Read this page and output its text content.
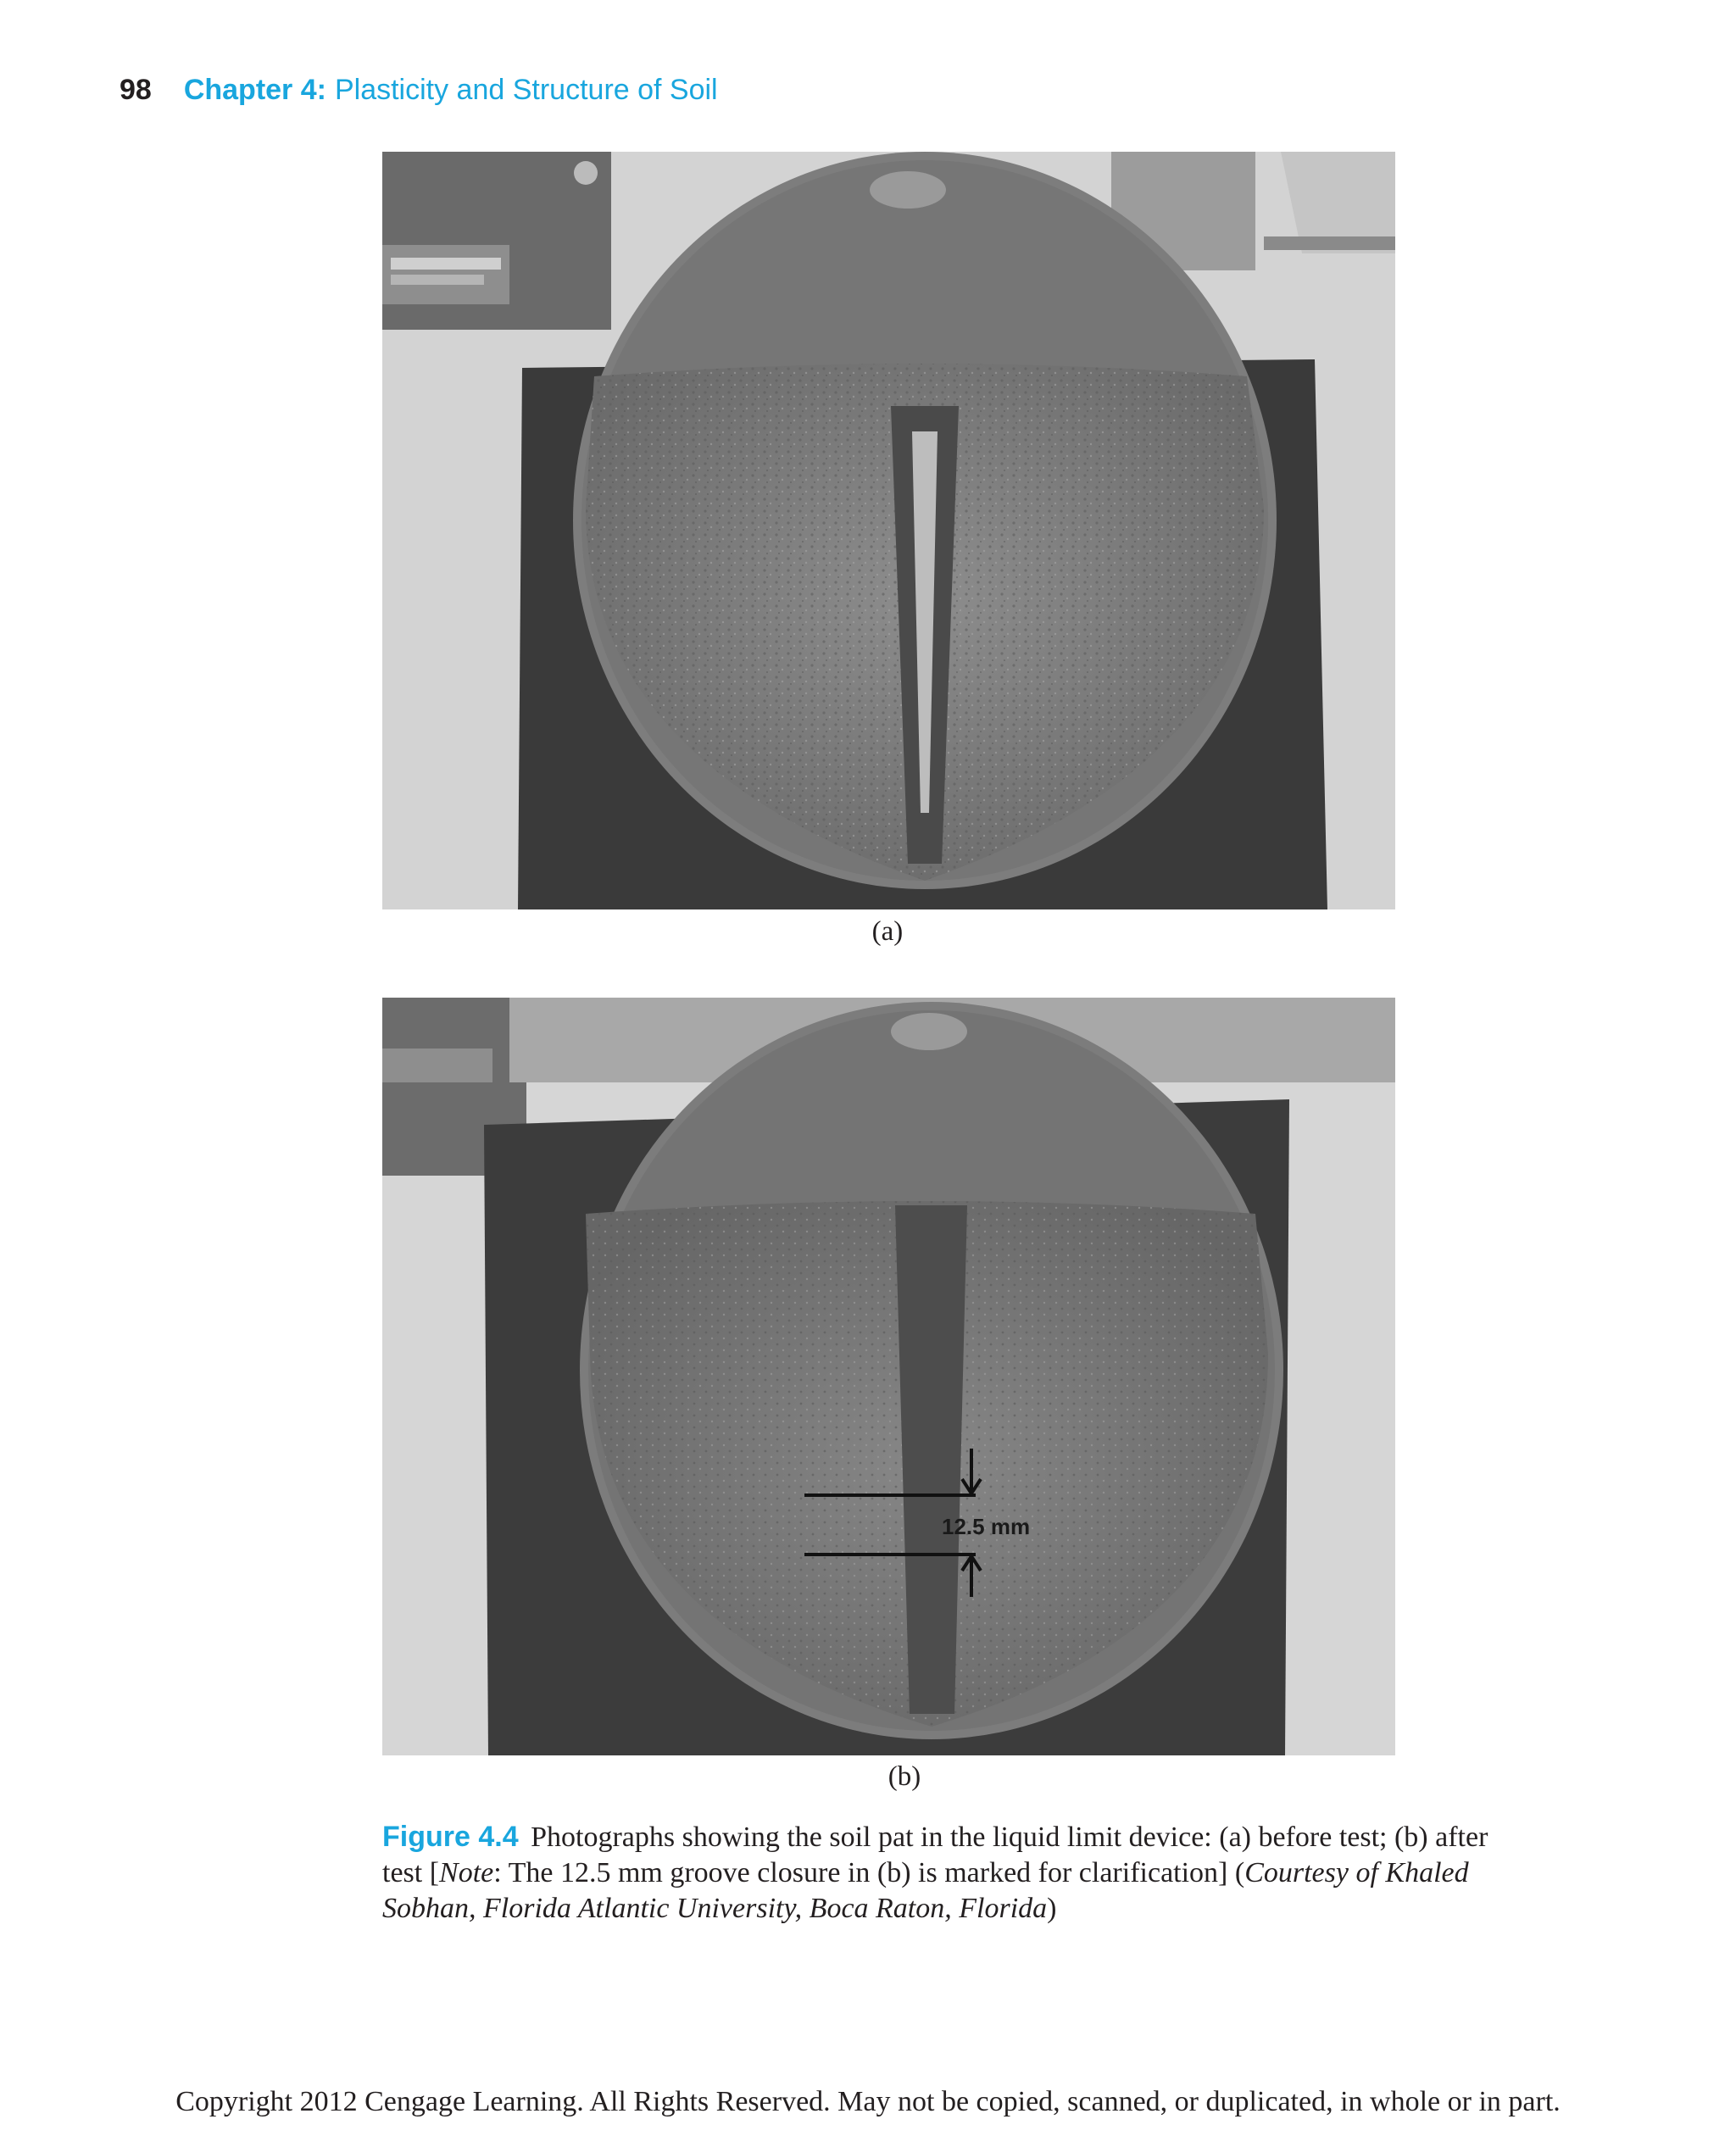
98 Chapter 4: Plasticity and Structure of Soil
(a)
12.5 mm
(b)
Figure 4.4 Photographs showing the soil pat in the liquid limit device: (a) before test; (b) after test [Note: The 12.5 mm groove closure in (b) is marked for clarification] (Courtesy of Khaled Sobhan, Florida Atlantic University, Boca Raton, Florida)
Copyright 2012 Cengage Learning. All Rights Reserved. May not be copied, scanned, or duplicated, in whole or in part.
